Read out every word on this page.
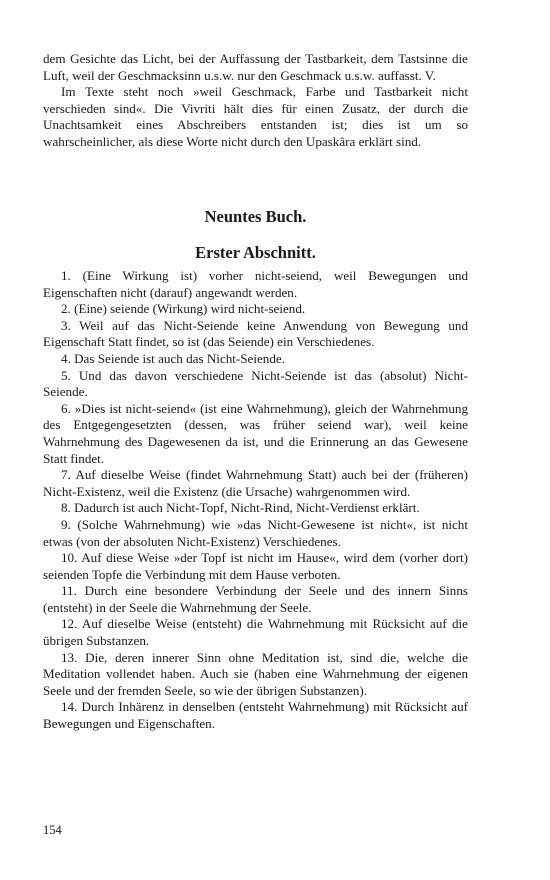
dem Gesichte das Licht, bei der Auffassung der Tastbarkeit, dem Tastsinne die Luft, weil der Geschmacksinn u.s.w. nur den Geschmack u.s.w. auffasst. V.

Im Texte steht noch »weil Geschmack, Farbe und Tastbarkeit nicht verschieden sind«. Die Vivriti hält dies für einen Zusatz, der durch die Unachtsamkeit eines Abschreibers entstanden ist; dies ist um so wahrscheinlicher, als diese Worte nicht durch den Upaskâra erklärt sind.

Neuntes Buch.
Erster Abschnitt.

1. (Eine Wirkung ist) vorher nicht-seiend, weil Bewegungen und Eigenschaften nicht (darauf) angewandt werden.

2. (Eine) seiende (Wirkung) wird nicht-seiend.

3. Weil auf das Nicht-Seiende keine Anwendung von Bewegung und Eigenschaft Statt findet, so ist (das Seiende) ein Verschiedenes.

4. Das Seiende ist auch das Nicht-Seiende.

5. Und das davon verschiedene Nicht-Seiende ist das (absolut) Nicht-Seiende.

6. »Dies ist nicht-seiend« (ist eine Wahrnehmung), gleich der Wahrnehmung des Entgegengesetzten (dessen, was früher seiend war), weil keine Wahrnehmung des Dagewesenen da ist, und die Erinnerung an das Gewesene Statt findet.

7. Auf dieselbe Weise (findet Wahrnehmung Statt) auch bei der (früheren) Nicht-Existenz, weil die Existenz (die Ursache) wahrgenommen wird.

8. Dadurch ist auch Nicht-Topf, Nicht-Rind, Nicht-Verdienst erklärt.

9. (Solche Wahrnehmung) wie »das Nicht-Gewesene ist nicht«, ist nicht etwas (von der absoluten Nicht-Existenz) Verschiedenes.

10. Auf diese Weise »der Topf ist nicht im Hause«, wird dem (vorher dort) seienden Topfe die Verbindung mit dem Hause verboten.

11. Durch eine besondere Verbindung der Seele und des innern Sinns (entsteht) in der Seele die Wahrnehmung der Seele.

12. Auf dieselbe Weise (entsteht) die Wahrnehmung mit Rücksicht auf die übrigen Substanzen.

13. Die, deren innerer Sinn ohne Meditation ist, sind die, welche die Meditation vollendet haben. Auch sie (haben eine Wahrnehmung der eigenen Seele und der fremden Seele, so wie der übrigen Substanzen).

14. Durch Inhärenz in denselben (entsteht Wahrnehmung) mit Rücksicht auf Bewegungen und Eigenschaften.

154
